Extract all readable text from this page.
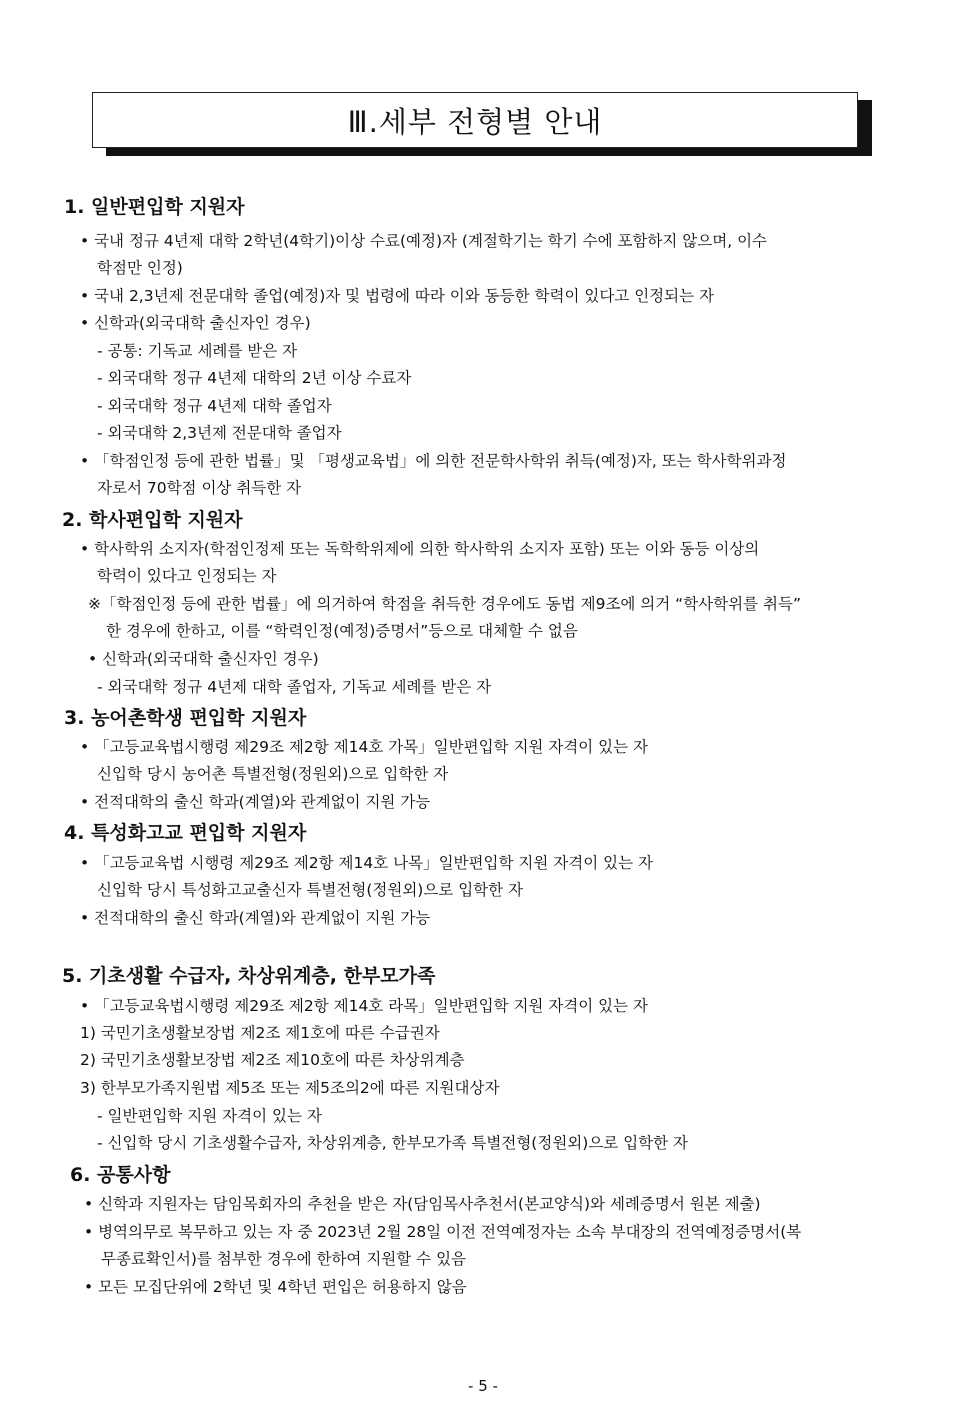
Ⅲ.세부 전형별 안내
1. 일반편입학 지원자
• 국내 정규 4년제 대학 2학년(4학기)이상 수료(예정)자 (계절학기는 학기 수에 포함하지 않으며, 이수
학점만 인정)
• 국내 2,3년제 전문대학 졸업(예정)자 및 법령에 따라 이와 동등한 학력이 있다고 인정되는 자
• 신학과(외국대학 출신자인 경우)
- 공통: 기독교 세례를 받은 자
- 외국대학 정규 4년제 대학의 2년 이상 수료자
- 외국대학 정규 4년제 대학 졸업자
- 외국대학 2,3년제 전문대학 졸업자
• 「학점인정 등에 관한 법률」및 「평생교육법」에 의한 전문학사학위 취득(예정)자, 또는 학사학위과정
자로서 70학점 이상 취득한 자
2. 학사편입학 지원자
• 학사학위 소지자(학점인정제 또는 독학학위제에 의한 학사학위 소지자 포함) 또는 이와 동등 이상의
학력이 있다고 인정되는 자
※「학점인정 등에 관한 법률」에 의거하여 학점을 취득한 경우에도 동법 제9조에 의거 “학사학위를 취득”
한 경우에 한하고, 이를 “학력인정(예정)증명서”등으로 대체할 수 없음
• 신학과(외국대학 출신자인 경우)
- 외국대학 정규 4년제 대학 졸업자, 기독교 세례를 받은 자
3. 농어촌학생 편입학 지원자
• 「고등교육법시행령 제29조 제2항 제14호 가목」일반편입학 지원 자격이 있는 자
신입학 당시 농어촌 특별전형(정원외)으로 입학한 자
• 전적대학의 출신 학과(계열)와 관계없이 지원 가능
4. 특성화고교 편입학 지원자
• 「고등교육법 시행령 제29조 제2항 제14호 나목」일반편입학 지원 자격이 있는 자
신입학 당시 특성화고교출신자 특별전형(정원외)으로 입학한 자
• 전적대학의 출신 학과(계열)와 관계없이 지원 가능
5. 기초생활 수급자, 차상위계층, 한부모가족
• 「고등교육법시행령 제29조 제2항 제14호 라목」일반편입학 지원 자격이 있는 자
1) 국민기초생활보장법 제2조 제1호에 따른 수급권자
2) 국민기초생활보장법 제2조 제10호에 따른 차상위계층
3) 한부모가족지원법 제5조 또는 제5조의2에 따른 지원대상자
- 일반편입학 지원 자격이 있는 자
- 신입학 당시 기초생활수급자, 차상위계층, 한부모가족 특별전형(정원외)으로 입학한 자
6. 공통사항
• 신학과 지원자는 담임목회자의 추천을 받은 자(담임목사추천서(본교양식)와 세례증명서 원본 제출)
• 병역의무로 복무하고 있는 자 중 2023년 2월 28일 이전 전역예정자는 소속 부대장의 전역예정증명서(복
무종료확인서)를 첨부한 경우에 한하여 지원할 수 있음
• 모든 모집단위에 2학년 및 4학년 편입은 허용하지 않음
- 5 -
